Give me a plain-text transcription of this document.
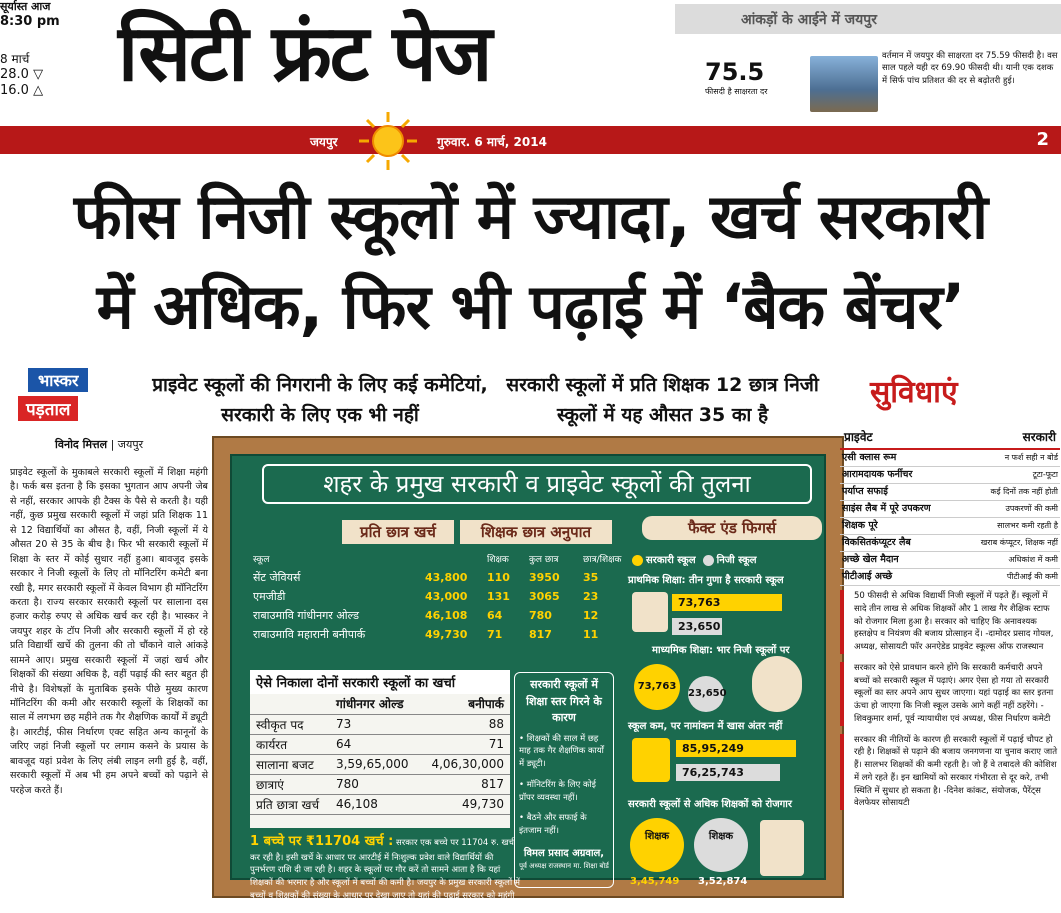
सूर्यास्त आज
8:30 pm
8 मार्च
28.0 ▽
16.0 △ सिटी फ्रंट पेज	आंकड़ों के आईने में जयपुर
75.5
फीसदी है साक्षरता दर
वर्तमान में जयपुर की साक्षरता दर 75.59 फीसदी है। वस साल पहले यही दर 69.90 फीसदी थी। यानी एक दशक में सिर्फ पांच प्रतिशत की दर से बढ़ोतरी हुई।
जयपुर	गुरुवार. 6 मार्च, 2014	2
फीस निजी स्कूलों में ज्यादा, खर्च सरकारी
में अधिक, फिर भी पढ़ाई में ‘बैक बेंचर’
भास्कर
पड़ताल
प्राइवेट स्कूलों की निगरानी के लिए कई कमेटियां, सरकारी के लिए एक भी नहीं
सरकारी स्कूलों में प्रति शिक्षक 12 छात्र निजी स्कूलों में यह औसत 35 का है
सुविधाएं
विनोद मित्तल | जयपुर
प्राइवेट स्कूलों के मुकाबले सरकारी स्कूलों में शिक्षा महंगी है। फर्क बस इतना है कि इसका भुगतान आप अपनी जेब से नहीं, सरकार आपके ही टैक्स के पैसे से करती है। यही नहीं, कुछ प्रमुख सरकारी स्कूलों में जहां प्रति शिक्षक 11 से 12 विद्यार्थियों का औसत है, वहीं, निजी स्कूलों में ये औसत 20 से 35 के बीच है। फिर भी सरकारी स्कूलों में शिक्षा के स्तर में कोई सुधार नहीं हुआ। बावजूद इसके सरकार ने निजी स्कूलों के लिए तो मॉनिटरिंग कमेटी बना रखी है, मगर सरकारी स्कूलों में केवल विभाग ही मॉनिटरिंग करता है। राज्य सरकार सरकारी स्कूलों पर सालाना दस हजार करोड़ रुपए से अधिक खर्च कर रही है। भास्कर ने जयपुर शहर के टॉप निजी और सरकारी स्कूलों में हो रहे प्रति विद्यार्थी खर्चे की तुलना की तो चौंकाने वाले आंकड़े सामने आए। प्रमुख सरकारी स्कूलों में जहां खर्च और शिक्षकों की संख्या अधिक है, वहीं पढ़ाई की स्तर बहुत ही नीचे है। विशेषज्ञों के मुताबिक इसके पीछे मुख्य कारण मॉनिटरिंग की कमी और सरकारी स्कूलों के शिक्षकों का साल में लगभग छह महीने तक गैर शैक्षणिक कार्यों में ड्यूटी है। आरटीई, फीस निर्धारण एक्ट सहित अन्य कानूनों के जरिए जहां निजी स्कूलों पर लगाम कसने के प्रयास के बावजूद यहां प्रवेश के लिए लंबी लाइन लगी हुई है, वहीं, सरकारी स्कूलों में अब भी हम अपने बच्चों को पढ़ाने से परहेज करते हैं।
शहर के प्रमुख सरकारी व प्राइवेट स्कूलों की तुलना
प्रति छात्र खर्च	शिक्षक छात्र अनुपात
स्कूल		शिक्षक	कुल छात्र	छात्र/शिक्षक
सेंट जेवियर्स	43,800	110	3950	35
एमजीडी	43,000	131	3065	23
राबाउमावि गांधीनगर ओल्ड	46,108	64	780	12
राबाउमावि महारानी बनीपार्क	49,730	71	817	11
ऐसे निकाला दोनों सरकारी स्कूलों का खर्चा
	गांधीनगर ओल्ड	बनीपार्क
स्वीकृत पद	73	88
कार्यरत	64	71
सालाना बजट	3,59,65,000	4,06,30,000
छात्राएं	780	817
प्रति छात्रा खर्च	46,108	49,730
1 बच्चे पर ₹11704 खर्च : सरकार एक बच्चे पर 11704 रु. खर्च कर रही है। इसी खर्चे के आधार पर आरटीई में निःशुल्क प्रवेश वाले विद्यार्थियों की पुनर्भरण राशि दी जा रही है। शहर के स्कूलों पर गौर करें तो सामने आता है कि यहां शिक्षकों की भरमार है और स्कूलों में बच्चों की कमी है। जयपुर के प्रमुख सरकारी स्कूलों में बच्चों व शिक्षकों की संख्या के आधार पर देखा जाए तो यहां की पढ़ाई सरकार को महंगी पड़ रही है।
सरकारी स्कूलों में शिक्षा स्तर गिरने के कारण

• शिक्षकों की साल में छह माह तक गैर शैक्षणिक कार्यों में ड्यूटी।

• मॉनिटरिंग के लिए कोई प्रॉपर व्यवस्था नहीं।

• बैठने और सफाई के इंतजाम नहीं।

विमल प्रसाद अग्रवाल,
पूर्व अध्यक्ष राजस्थान मा. शिक्षा बोर्ड
फैक्ट एंड फिगर्स
सरकारी स्कूल निजी स्कूल
प्राथमिक शिक्षा: तीन गुणा है सरकारी स्कूल
73,763
23,650
माध्यमिक शिक्षा: भार निजी स्कूलों पर
73,763
23,650
स्कूल कम, पर नामांकन में खास अंतर नहीं
85,95,249
76,25,743
सरकारी स्कूलों से अधिक शिक्षकों को रोजगार
शिक्षक	शिक्षक
3,45,749 3,52,874
प्राइवेट	सरकारी
एसी क्लास रूम	न फर्श सही न बोर्ड
आरामदायक फर्नीचर	टूटा-फूटा
पर्याप्त सफाई	कई दिनों तक नहीं होती
साइंस लैब में पूरे उपकरण	उपकरणों की कमी
शिक्षक पूरे	सालभर कमी रहती है
विकसितकंप्यूटर लैब	खराब कंप्यूटर, शिक्षक नहीं
अच्छे खेल मैदान	अधिकांश में कमी
पीटीआई अच्छे	पीटीआई की कमी
50 फीसदी से अधिक विद्यार्थी निजी स्कूलों में पढ़ते हैं। स्कूलों में सादे तीन लाख से अधिक शिक्षकों और 1 लाख गैर शैक्षिक स्टाफ को रोजगार मिला हुआ है। सरकार को चाहिए कि अनावश्यक हस्तक्षेप व नियंत्रण की बजाय प्रोत्साहन दें। -दामोदर प्रसाद गोयल, अध्यक्ष, सोसायटी फॉर अनऐडेड प्राइवेट स्कूल्स ऑफ राजस्थान
सरकार को ऐसे प्रावधान करने होंगे कि सरकारी कर्मचारी अपने बच्चों को सरकारी स्कूल में पढ़ाएं। अगर ऐसा हो गया तो सरकारी स्कूलों का स्तर अपने आप सुधर जाएगा। यहां पढ़ाई का स्तर इतना ऊंचा हो जाएगा कि निजी स्कूल उसके आगे कहीं नहीं ठहरेंगे। - शिवकुमार शर्मा, पूर्व न्यायाधीश एवं अध्यक्ष, फीस निर्धारण कमेटी
सरकार की नीतियों के कारण ही सरकारी स्कूलों में पढ़ाई चौपट हो रही है। शिक्षकों से पढ़ाने की बजाय जनगणना या चुनाव कराए जाते हैं। सालभर शिक्षकों की कमी रहती है। जो हैं वे तबादले की कोशिश में लगे रहते हैं। इन खामियों को सरकार गंभीरता से दूर करे, तभी स्थिति में सुधार हो सकता है। -दिनेश कांकट, संयोजक, पैरेंट्स वेलफेयर सोसायटी
